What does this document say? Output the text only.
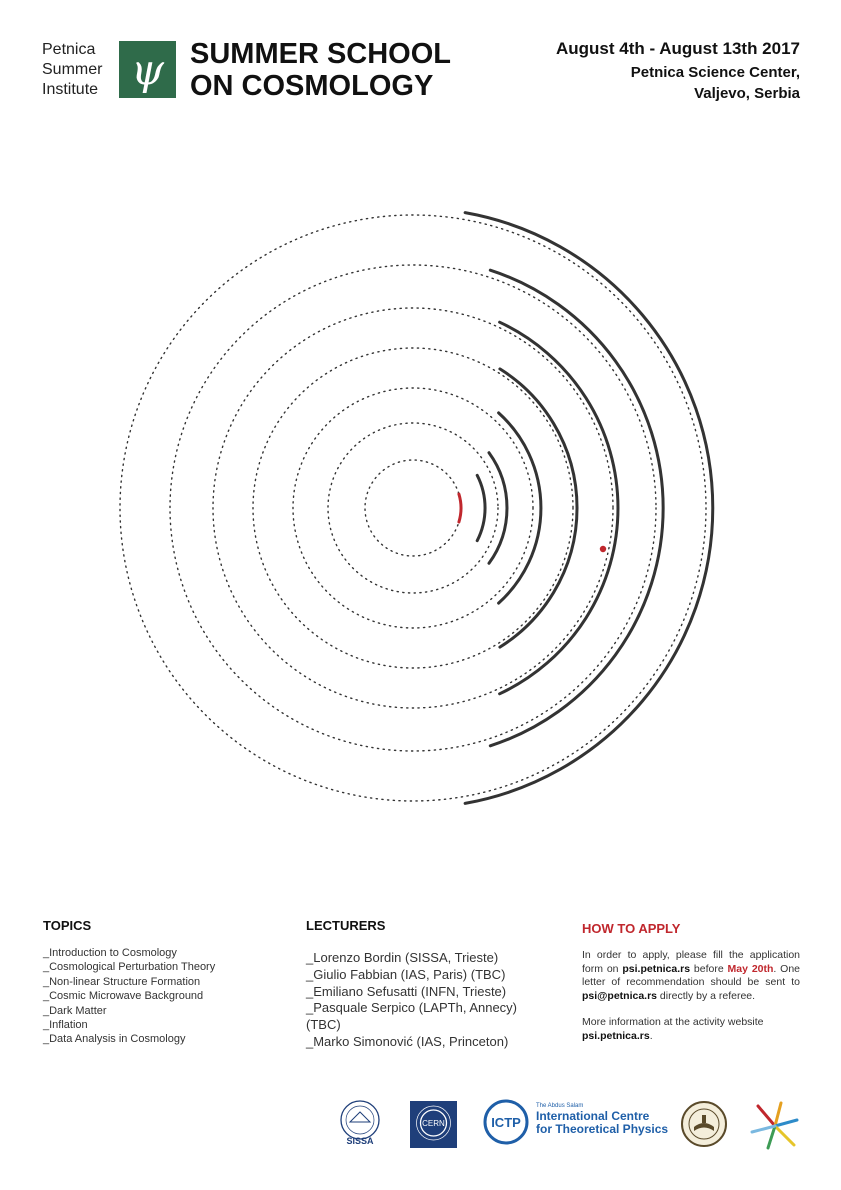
Petnica
Summer
Institute ψ SUMMER SCHOOL
ON COSMOLOGY
August 4th - August 13th 2017
Petnica Science Center,
Valjevo, Serbia
TOPICS
_Introduction to Cosmology
_Cosmological Perturbation Theory
_Non-linear Structure Formation
_Cosmic Microwave Background
_Dark Matter
_Inflation
_Data Analysis in Cosmology
LECTURERS
_Lorenzo Bordin (SISSA, Trieste)
_Giulio Fabbian (IAS, Paris) (TBC)
_Emiliano Sefusatti (INFN, Trieste)
_Pasquale Serpico (LAPTh, Annecy) (TBC)
_Marko Simonović (IAS, Princeton)
HOW TO APPLY

In order to apply, please fill the application form on psi.petnica.rs before May 20th. One letter of recommendation should be sent to psi@petnica.rs directly by a referee.

More information at the activity website
psi.petnica.rs.

SISSA
CERN	ICTP
The Abdus Salam
International Centre
for Theoretical Physics
